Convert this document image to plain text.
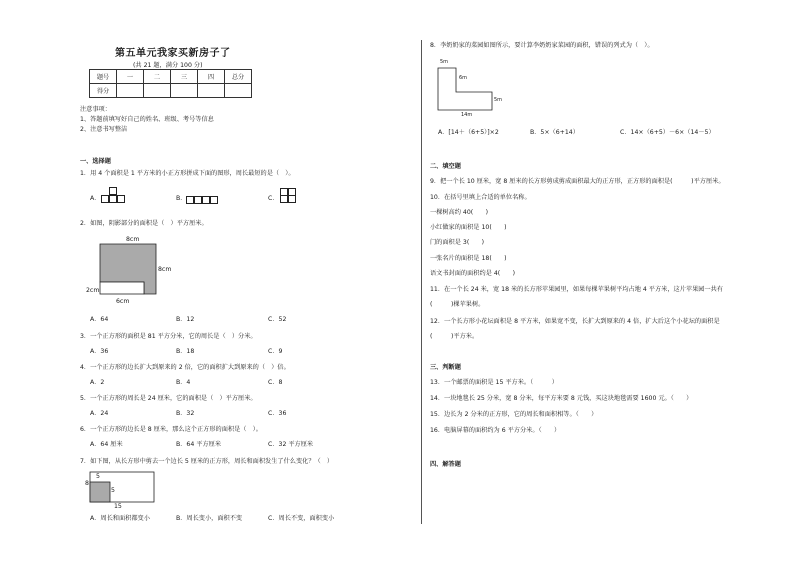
第五单元我家买新房子了
(共 21 题，满分 100 分)
题号	一	二	三	四	总分
得分					
注意事项：
1、答题前填写好自己的姓名、班级、考号等信息
2、注意书写整洁
一、选择题
1．用 4 个面积是 1 平方米的小正方形拼成下面的图形，周长最短的是（　）。
A．	B．	C．
2．如图，阴影部分的面积是（　）平方厘米。
8cm
8cm
2cm
6cm
A．64	B．12	C．52
3．一个正方形的面积是 81 平方分米，它的周长是（　）分米。
A．36	B．18	C．9
4．一个正方形的边长扩大到原来的 2 倍，它的面积扩大到原来的（　）倍。
A．2	B．4	C．8
5．一个正方形的周长是 24 厘米，它的面积是（　）平方厘米。
A．24	B．32	C．36
6．一个正方形的边长是 8 厘米，那么这个正方形的面积是（　）。
A．64 厘米	B．64 平方厘米	C．32 平方厘米
7．如下图，从长方形中剪去一个边长 5 厘米的正方形，周长和面积发生了什么变化？（　）
5
5
8
15
A．周长和面积都变小	B．周长变小，面积不变	C．周长不变，面积变小
8．李奶奶家的菜园如图所示，要计算李奶奶家菜园的面积，错误的列式为（　）。
5m
6m
5m
14m
A．[14＋（6+5）]×2	B．5×（6+14）	C．14×（6+5）－6×（14－5）
二、填空题
9．把一个长 10 厘米，宽 8 厘米的长方形剪成剪成面积最大的正方形，正方形的面积是(　　　)平方厘米。
10．在括号里填上合适的单位名称。
一棵树高约 40(　　)
小红做家的面积是 10(　　)
门的面积是 3(　　)
一张名片的面积是 18(　　)
语文书封面的面积约是 4(　　)
11．在一个长 24 米，宽 18 米的长方形苹果园里，如果每棵苹果树平均占地 4 平方米，这片苹果园一共有
(　　　)棵苹果树。
12．一个长方形小花坛面积是 8 平方米，如果宽不变，长扩大到原来的 4 倍，扩大后这个小花坛的面积是
(　　　)平方米。
三、判断题
13．一个邮票的面积是 15 平方米。（　　　）
14．一块地毯长 25 分米，宽 8 分米，每平方米要 8 元钱，买这块地毯需要 1600 元。（　　）
15．边长为 2 分米的正方形，它的周长和面积相等。（　　）
16．电脑屏幕的面积约为 6 平方分米。（　　）
四、解答题
